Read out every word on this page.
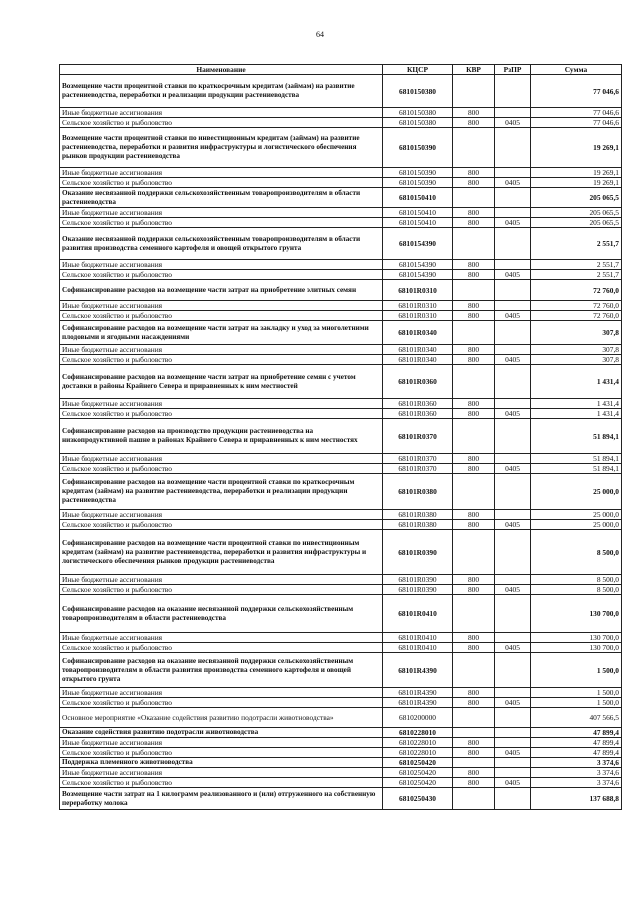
64
Наименование	КЦСР	КВР	РзПР	Сумма
Возмещение части процентной ставки по краткосрочным кредитам (займам) на развитие растениеводства, переработки и реализации продукции растениеводства	6810150380			77 046,6
Иные бюджетные ассигнования	6810150380	800		77 046,6
Сельское хозяйство и рыболовство	6810150380	800	0405	77 046,6
Возмещение части процентной ставки по инвестиционным кредитам (займам) на развитие растениеводства, переработки и развития инфраструктуры и логистического обеспечения рынков продукции растениеводства	6810150390			19 269,1
Иные бюджетные ассигнования	6810150390	800		19 269,1
Сельское хозяйство и рыболовство	6810150390	800	0405	19 269,1
Оказание несвязанной поддержки сельскохозяйственным товаропроизводителям в области растениеводства	6810150410			205 065,5
Иные бюджетные ассигнования	6810150410	800		205 065,5
Сельское хозяйство и рыболовство	6810150410	800	0405	205 065,5
Оказание несвязанной поддержки сельскохозяйственным товаропроизводителям в области развития производства семенного картофеля и овощей открытого грунта	6810154390			2 551,7
Иные бюджетные ассигнования	6810154390	800		2 551,7
Сельское хозяйство и рыболовство	6810154390	800	0405	2 551,7
Софинансирование расходов на возмещение части затрат на приобретение элитных семян	68101R0310			72 760,0
Иные бюджетные ассигнования	68101R0310	800		72 760,0
Сельское хозяйство и рыболовство	68101R0310	800	0405	72 760,0
Софинансирование расходов на возмещение части затрат на закладку и уход за многолетними плодовыми и ягодными насаждениями	68101R0340			307,8
Иные бюджетные ассигнования	68101R0340	800		307,8
Сельское хозяйство и рыболовство	68101R0340	800	0405	307,8
Софинансирование расходов на возмещение части затрат на приобретение семян с учетом доставки в районы Крайнего Севера и приравненных к ним местностей	68101R0360			1 431,4
Иные бюджетные ассигнования	68101R0360	800		1 431,4
Сельское хозяйство и рыболовство	68101R0360	800	0405	1 431,4
Софинансирование расходов на производство продукции растениеводства на низкопродуктивной пашне в районах Крайнего Севера и приравненных к ним местностях	68101R0370			51 894,1
Иные бюджетные ассигнования	68101R0370	800		51 894,1
Сельское хозяйство и рыболовство	68101R0370	800	0405	51 894,1
Софинансирование расходов на возмещение части процентной ставки по краткосрочным кредитам (займам) на развитие растениеводства, переработки и реализации продукции растениеводства	68101R0380			25 000,0
Иные бюджетные ассигнования	68101R0380	800		25 000,0
Сельское хозяйство и рыболовство	68101R0380	800	0405	25 000,0
Софинансирование расходов на возмещение части процентной ставки по инвестиционным кредитам (займам) на развитие растениеводства, переработки и развития инфраструктуры и логистического обеспечения рынков продукции растениеводства	68101R0390			8 500,0
Иные бюджетные ассигнования	68101R0390	800		8 500,0
Сельское хозяйство и рыболовство	68101R0390	800	0405	8 500,0
Софинансирование расходов на оказание несвязанной поддержки сельскохозяйственным товаропроизводителям в области растениеводства	68101R0410			130 700,0
Иные бюджетные ассигнования	68101R0410	800		130 700,0
Сельское хозяйство и рыболовство	68101R0410	800	0405	130 700,0
Софинансирование расходов на оказание несвязанной поддержки сельскохозяйственным товаропроизводителям в области развития производства семенного картофеля и овощей открытого грунта	68101R4390			1 500,0
Иные бюджетные ассигнования	68101R4390	800		1 500,0
Сельское хозяйство и рыболовство	68101R4390	800	0405	1 500,0
Основное мероприятие «Оказание содействия развитию подотрасли животноводства»	6810200000			407 566,5
Оказание содействия развитию подотрасли животноводства	6810228010			47 899,4
Иные бюджетные ассигнования	6810228010	800		47 899,4
Сельское хозяйство и рыболовство	6810228010	800	0405	47 899,4
Поддержка племенного животноводства	6810250420			3 374,6
Иные бюджетные ассигнования	6810250420	800		3 374,6
Сельское хозяйство и рыболовство	6810250420	800	0405	3 374,6
Возмещение части затрат на 1 килограмм реализованного и (или) отгруженного на собственную переработку молока	6810250430			137 688,8
